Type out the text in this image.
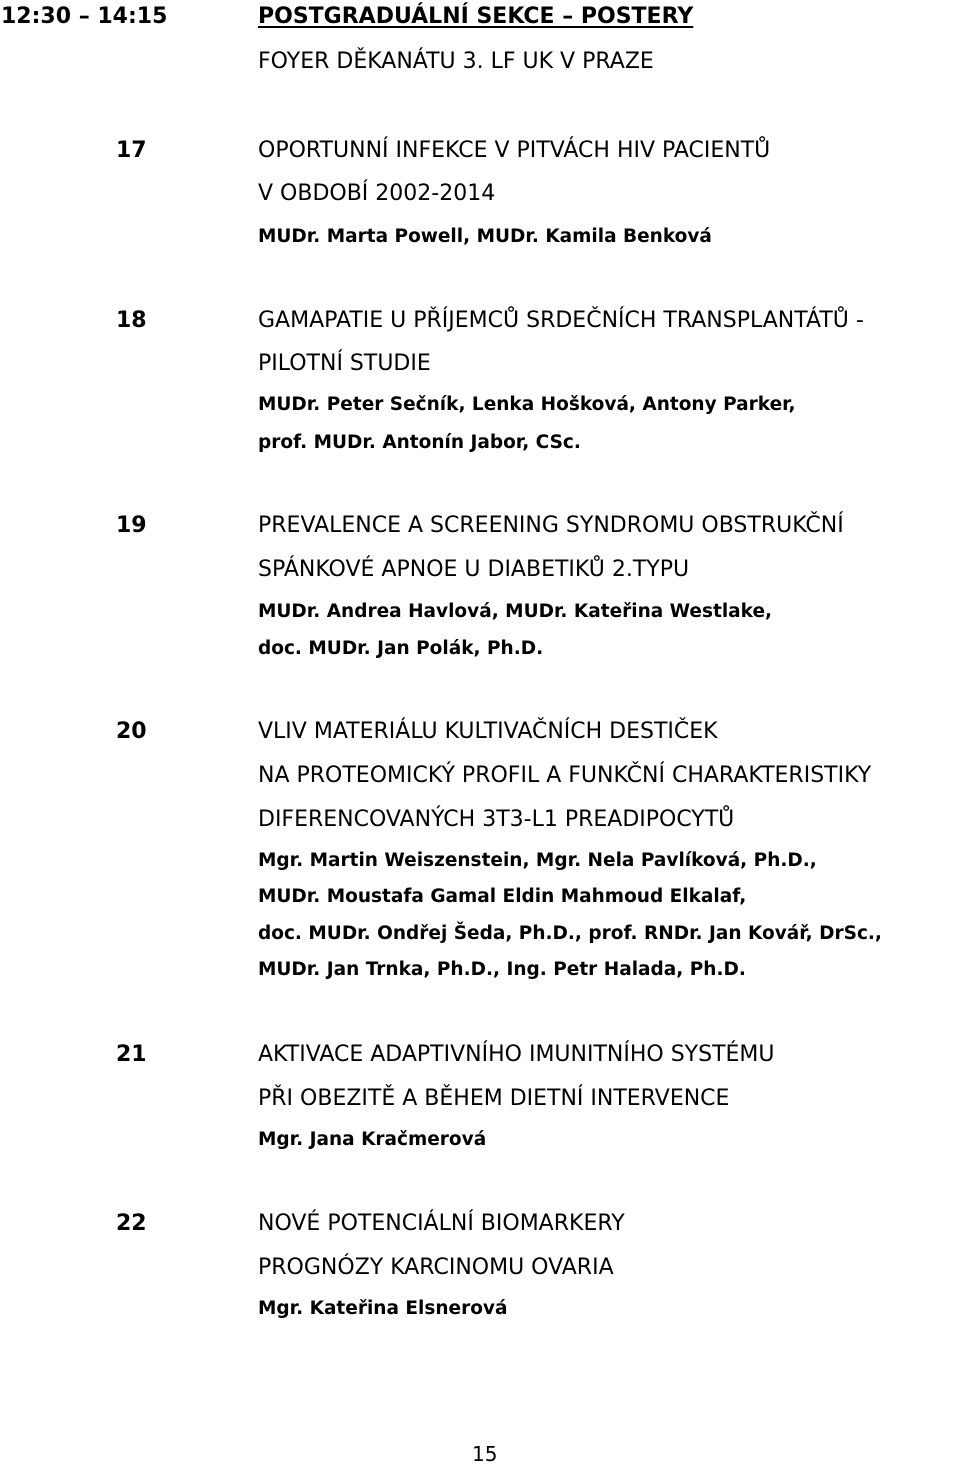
12:30 – 14:15	POSTGRADUÁLNÍ SEKCE – POSTERY
FOYER DĚKANÁTU 3. LF UK V PRAZE
17	OPORTUNNÍ INFEKCE V PITVÁCH HIV PACIENTŮ
V OBDOBÍ 2002-2014
MUDr. Marta Powell, MUDr. Kamila Benková
18	GAMAPATIE U PŘÍJEMCŮ SRDEČNÍCH TRANSPLANTÁTŮ -
PILOTNÍ STUDIE
MUDr. Peter Sečník, Lenka Hošková, Antony Parker,
prof. MUDr. Antonín Jabor, CSc.
19	PREVALENCE A SCREENING SYNDROMU OBSTRUKČNÍ
SPÁNKOVÉ APNOE U DIABETIKŮ 2.TYPU
MUDr. Andrea Havlová, MUDr. Kateřina Westlake,
doc. MUDr. Jan Polák, Ph.D.
20	VLIV MATERIÁLU KULTIVAČNÍCH DESTIČEK
NA PROTEOMICKÝ PROFIL A FUNKČNÍ CHARAKTERISTIKY
DIFERENCOVANÝCH 3T3-L1 PREADIPOCYTŮ
Mgr. Martin Weiszenstein, Mgr. Nela Pavlíková, Ph.D.,
MUDr. Moustafa Gamal Eldin Mahmoud Elkalaf,
doc. MUDr. Ondřej Šeda, Ph.D., prof. RNDr. Jan Kovář, DrSc.,
MUDr. Jan Trnka, Ph.D., Ing. Petr Halada, Ph.D.
21	AKTIVACE ADAPTIVNÍHO IMUNITNÍHO SYSTÉMU
PŘI OBEZITĚ A BĚHEM DIETNÍ INTERVENCE
Mgr. Jana Kračmerová
22	NOVÉ POTENCIÁLNÍ BIOMARKERY
PROGNÓZY KARCINOMU OVARIA
Mgr. Kateřina Elsnerová
15
